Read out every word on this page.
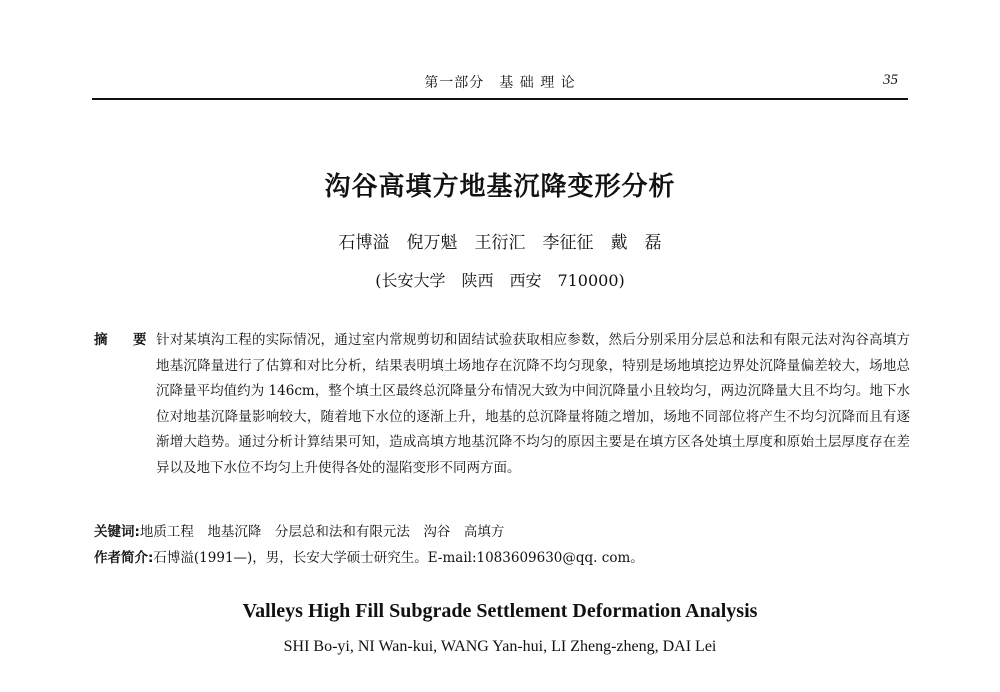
第一部分　基 础 理 论	35
沟谷高填方地基沉降变形分析
石博溢　倪万魁　王衍汇　李征征　戴　磊
(长安大学　陕西　西安　710000)
摘　要 针对某填沟工程的实际情况，通过室内常规剪切和固结试验获取相应参数，然后分别采用分层总和法和有限元法对沟谷高填方地基沉降量进行了估算和对比分析，结果表明填土场地存在沉降不均匀现象，特别是场地填挖边界处沉降量偏差较大，场地总沉降量平均值约为 146cm，整个填土区最终总沉降量分布情况大致为中间沉降量小且较均匀，两边沉降量大且不均匀。地下水位对地基沉降量影响较大，随着地下水位的逐渐上升，地基的总沉降量将随之增加，场地不同部位将产生不均匀沉降而且有逐渐增大趋势。通过分析计算结果可知，造成高填方地基沉降不均匀的原因主要是在填方区各处填土厚度和原始土层厚度存在差异以及地下水位不均匀上升使得各处的湿陷变形不同两方面。
关键词:地质工程　地基沉降　分层总和法和有限元法　沟谷　高填方
作者简介:石博溢(1991—)，男，长安大学硕士研究生。E-mail:1083609630@qq. com。
Valleys High Fill Subgrade Settlement Deformation Analysis
SHI Bo-yi, NI Wan-kui, WANG Yan-hui, LI Zheng-zheng, DAI Lei
